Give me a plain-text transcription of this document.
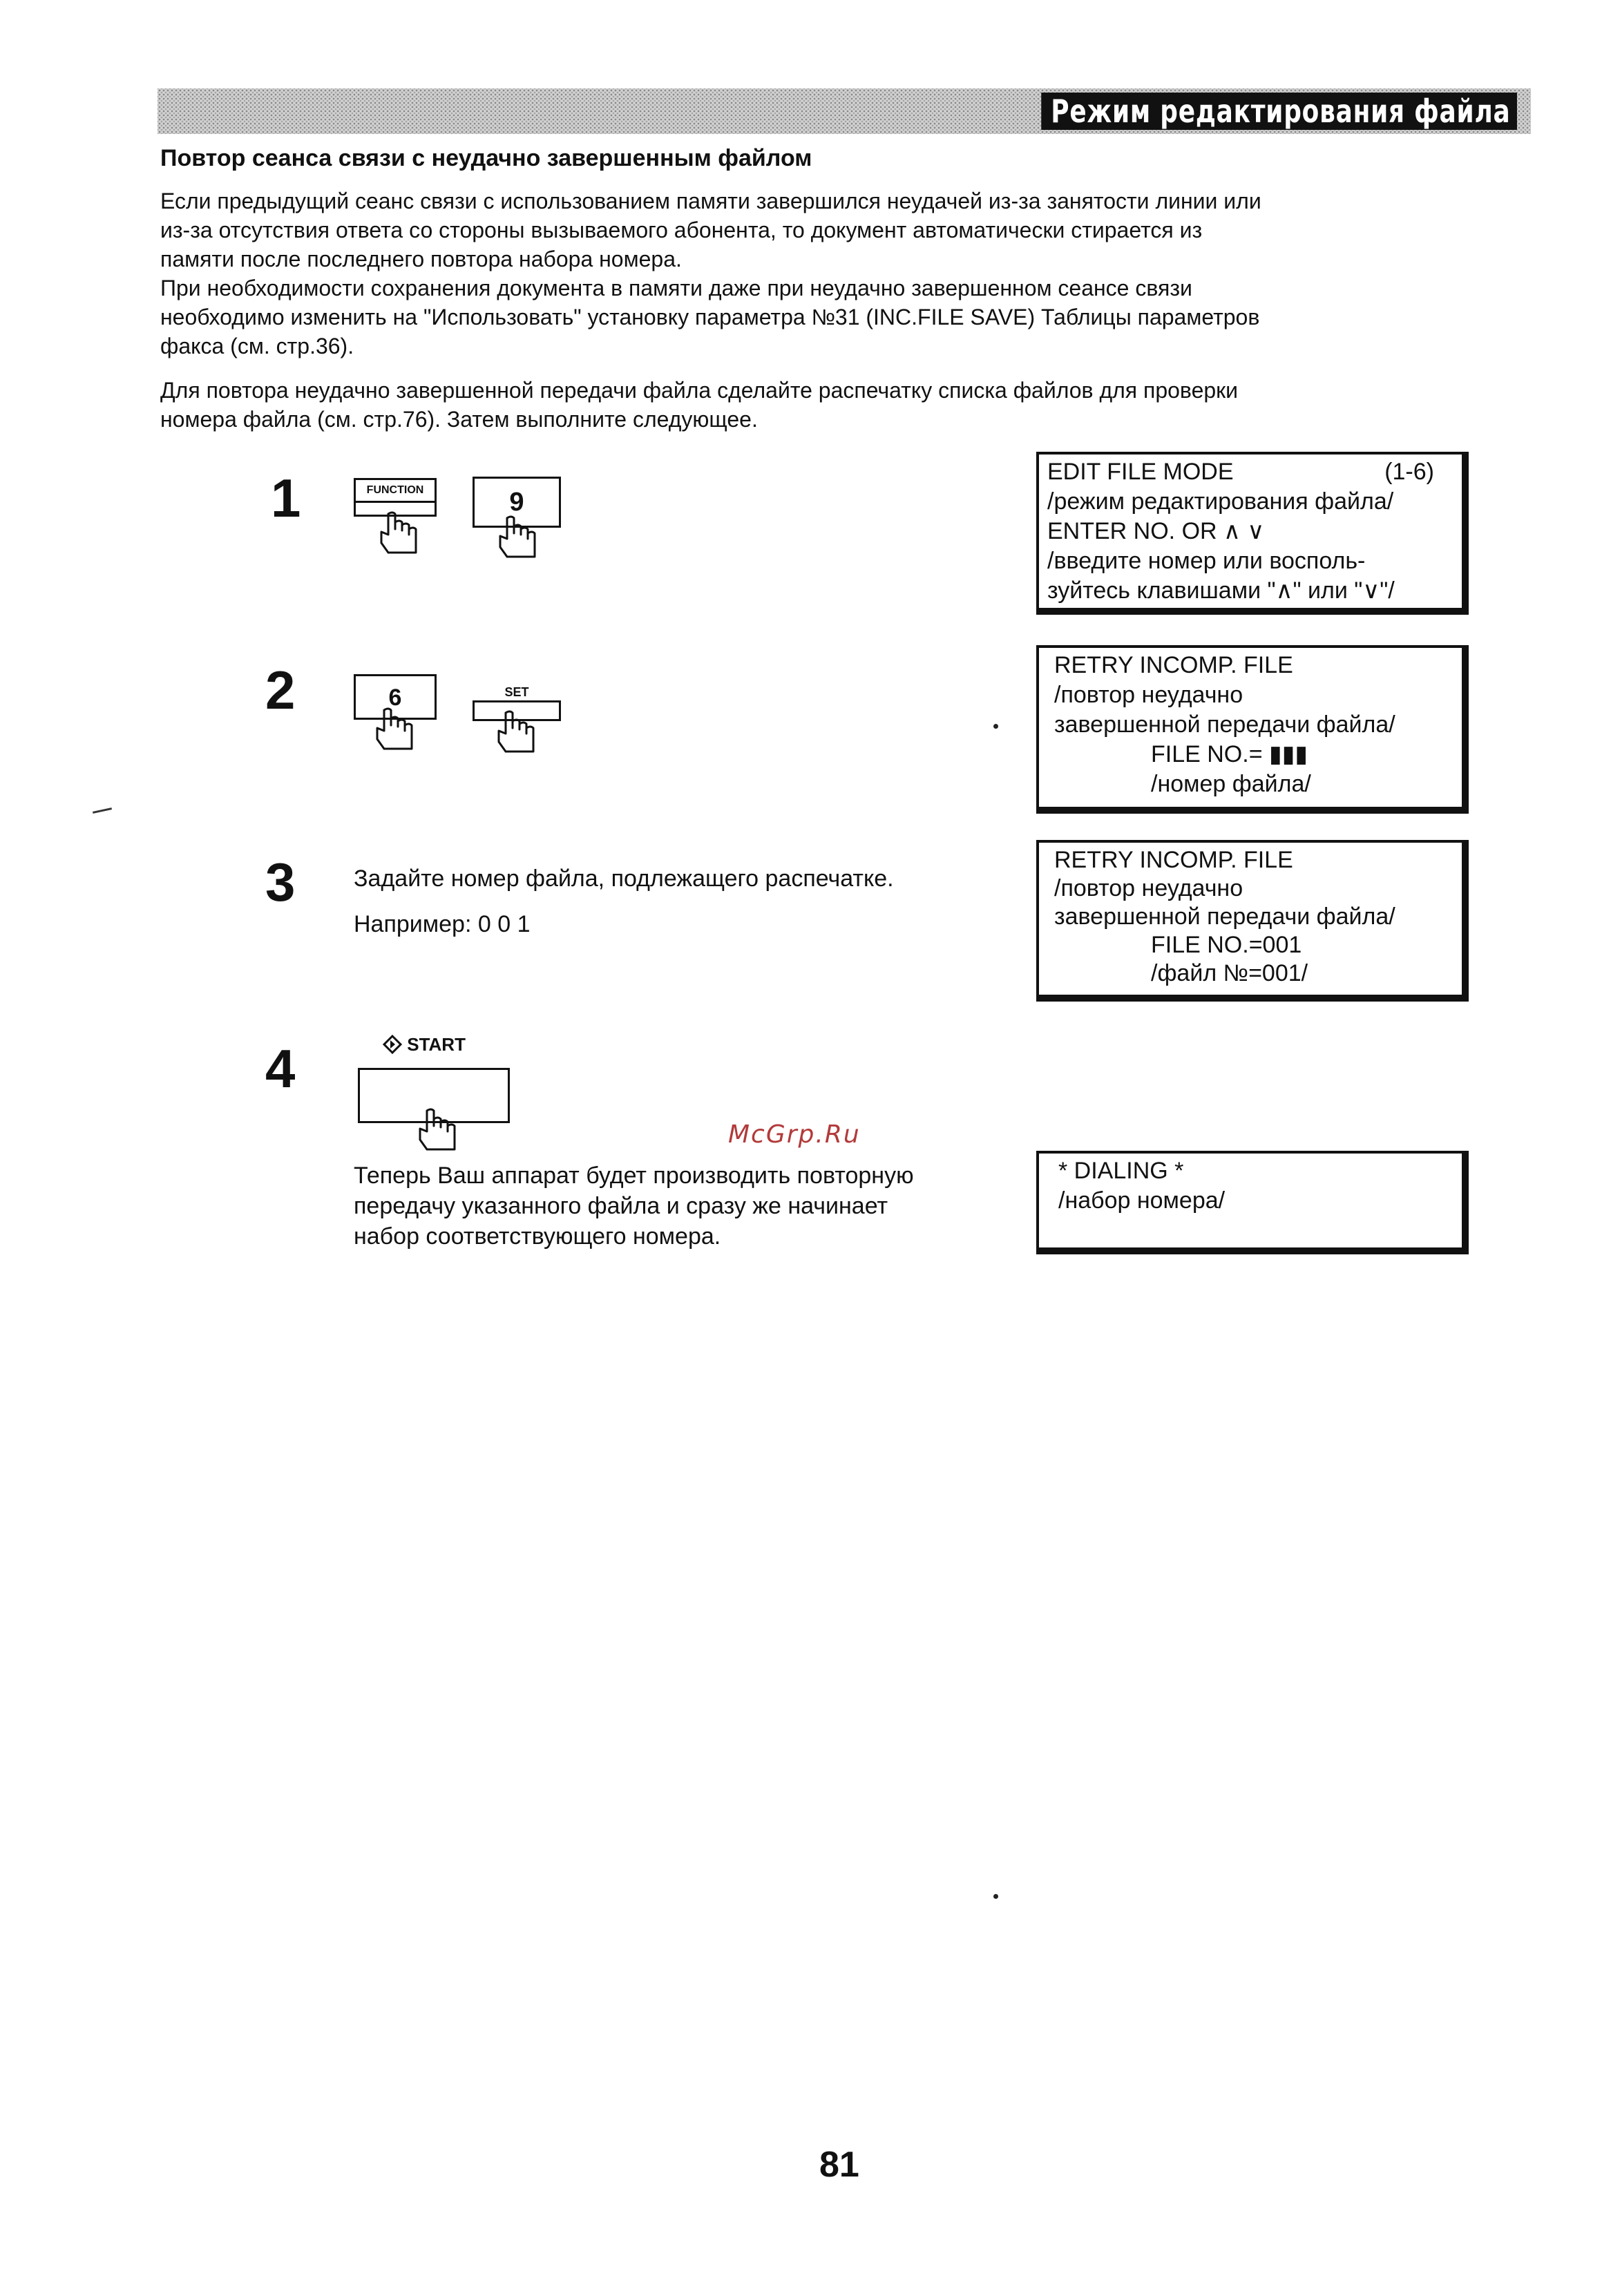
Режим редактирования файла
Повтор сеанса связи с неудачно завершенным файлом
Если предыдущий сеанс связи с использованием памяти завершился неудачей из-за занятости линии или
из-за отсутствия ответа со стороны вызываемого абонента, то документ автоматически стирается из
памяти после последнего повтора набора номера.
При необходимости сохранения документа в памяти даже при неудачно завершенном сеансе связи
необходимо изменить на "Использовать" установку параметра №31 (INC.FILE SAVE) Таблицы параметров
факса (см. стр.36).
Для повтора неудачно завершенной передачи файла сделайте распечатку списка файлов для проверки
номера файла (см. стр.76). Затем выполните следующее.
1	FUNCTION	9
EDIT FILE MODE	(1-6)
/режим редактирования файла/
ENTER NO. OR ∧ ∨
/введите номер или восполь-
зуйтесь клавишами "∧" или "∨"/
2	6	SET
RETRY INCOMP. FILE
/повтор неудачно
завершенной передачи файла/
FILE NO.= ▮▮▮
/номер файла/
3 Задайте номер файла, подлежащего распечатке.
Например: 0 0 1
RETRY INCOMP. FILE
/повтор неудачно
завершенной передачи файла/
FILE NO.=001
/файл №=001/
4	START
McGrp.Ru
Теперь Ваш аппарат будет производить повторную
передачу указанного файла и сразу же начинает
набор соответствующего номера.
* DIALING *
/набор номера/
81
